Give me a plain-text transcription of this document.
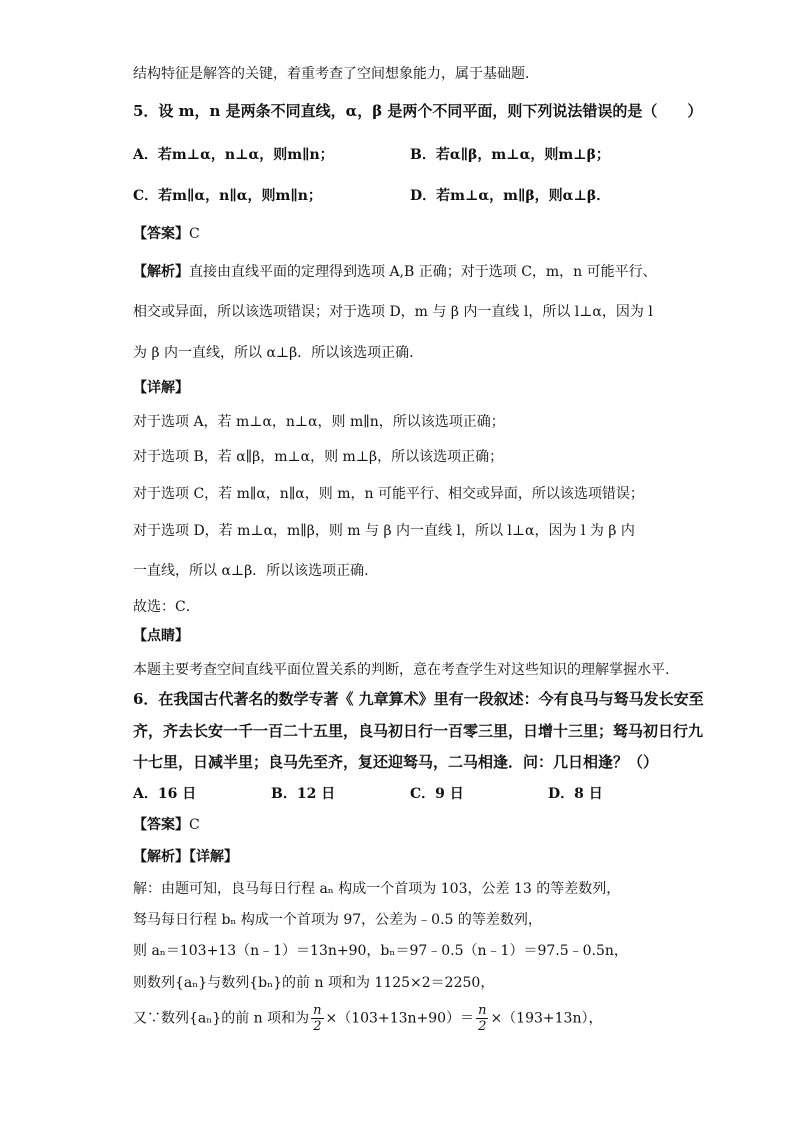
结构特征是解答的关键，着重考查了空间想象能力，属于基础题.
5．设 m，n 是两条不同直线，α，β 是两个不同平面，则下列说法错误的是（　　）
A．若m⊥α，n⊥α，则m∥n；	B．若α∥β，m⊥α，则m⊥β；
C．若m∥α，n∥α，则m∥n；	D．若m⊥α，m∥β，则α⊥β．
【答案】C
【解析】直接由直线平面的定理得到选项 A,B 正确；对于选项 C，m，n 可能平行、
相交或异面，所以该选项错误；对于选项 D，m 与 β 内一直线 l，所以 l⊥α，因为 l
为 β 内一直线，所以 α⊥β．所以该选项正确.
【详解】
对于选项 A，若 m⊥α，n⊥α，则 m∥n，所以该选项正确；
对于选项 B，若 α∥β，m⊥α，则 m⊥β，所以该选项正确；
对于选项 C，若 m∥α，n∥α，则 m，n 可能平行、相交或异面，所以该选项错误；
对于选项 D，若 m⊥α，m∥β，则 m 与 β 内一直线 l，所以 l⊥α，因为 l 为 β 内
一直线，所以 α⊥β．所以该选项正确.
故选：C．
【点睛】
本题主要考查空间直线平面位置关系的判断，意在考查学生对这些知识的理解掌握水平.
6．在我国古代著名的数学专著《 九章算术》里有一段叙述：今有良马与驽马发长安至
齐，齐去长安一千一百二十五里，良马初日行一百零三里，日增十三里；驽马初日行九
十七里，日减半里；良马先至齐，复还迎驽马，二马相逢．问：几日相逢？（）
A．16 日	B．12 日	C．9 日	D．8 日
【答案】C
【解析】【详解】
解：由题可知，良马每日行程 aₙ 构成一个首项为 103，公差 13 的等差数列，
驽马每日行程 bₙ 构成一个首项为 97，公差为﹣0.5 的等差数列，
则 aₙ＝103+13（n﹣1）＝13n+90，bₙ＝97﹣0.5（n﹣1）＝97.5﹣0.5n，
则数列{aₙ}与数列{bₙ}的前 n 项和为 1125×2＝2250，
又∵数列{aₙ}的前 n 项和为 $\frac{n}{2} \times(103+13n+90)= \frac{n}{2} \times(193+13n)$，
